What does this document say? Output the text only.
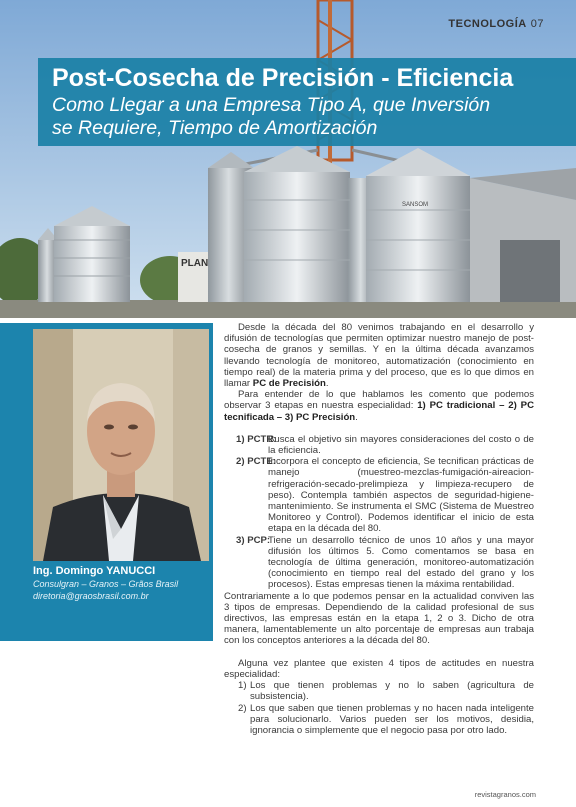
PLAN
SANSOM
TECNOLOGÍA 07
Post-Cosecha de Precisión - Eficiencia
Como Llegar a una Empresa Tipo A, que Inversión
se Requiere, Tiempo de Amortización
Ing. Domingo YANUCCI
Consulgran – Granos – Grãos Brasil
diretoria@graosbrasil.com.br

Desde la década del 80 venimos trabajando en el desarrollo y difusión de tecnologías que permiten optimizar nuestro manejo de post-cosecha de granos y semillas. Y en la última década avanzamos llevando tecnología de monitoreo, automatización (conocimiento en tiempo real) de la materia prima y del proceso, que es lo que dimos en llamar PC de Precisión.

Para entender de lo que hablamos les comento que podemos observar 3 etapas en nuestra especialidad: 1) PC tradicional – 2) PC tecnificada – 3) PC Precisión.

1) PCTR:
Busca el objetivo sin mayores consideraciones del costo o de la eficiencia.
2) PCTE:
Incorpora el concepto de eficiencia, Se tecnifican prácticas de manejo (muestreo-mezclas-fumigación-aireacion-refrigeración-secado-prelimpieza y limpieza-recupero de peso). Contempla también aspectos de seguridad-higiene-mantenimiento. Se instrumenta el SMC (Sistema de Muestreo Monitoreo y Control). Podemos identificar el inicio de esta etapa en la década del 80.
3) PCP:
Tiene un desarrollo técnico de unos 10 años y una mayor difusión los últimos 5. Como comentamos se basa en tecnología de última generación, monitoreo-automatización (conocimiento en tiempo real del estado del grano y los procesos). Estas empresas tienen la máxima rentabilidad.

Contrariamente a lo que podemos pensar en la actualidad conviven las 3 tipos de empresas. Dependiendo de la calidad profesional de sus directivos, las empresas están en la etapa 1, 2 o 3. Dicho de otra manera, lamentablemente un alto porcentaje de empresas aun trabaja con los conceptos anteriores a la década del 80.

Alguna vez plantee que existen 4 tipos de actitudes en nuestra especialidad:

1) Los que tienen problemas y no lo saben (agricultura de subsistencia).
2) Los que saben que tienen problemas y no hacen nada inteligente para solucionarlo. Varios pueden ser los motivos, desidia, ignorancia o simplemente que el negocio pasa por otro lado.
revistagranos.com
